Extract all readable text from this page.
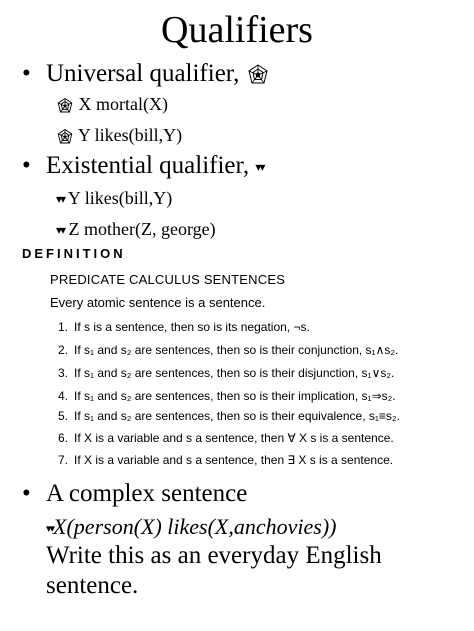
Qualifiers
• Universal qualifier,
X mortal(X)
Y likes(bill,Y)
• Existential qualifier, ▾▾
▾▾ Y likes(bill,Y)
▾▾ Z mother(Z, george)
DEFINITION
PREDICATE CALCULUS SENTENCES
Every atomic sentence is a sentence.
1. If s is a sentence, then so is its negation, ¬s.
2. If s₁ and s₂ are sentences, then so is their conjunction, s₁∧s₂.
3. If s₁ and s₂ are sentences, then so is their disjunction, s₁∨s₂.
4. If s₁ and s₂ are sentences, then so is their implication, s₁⇒s₂.
5. If s₁ and s₂ are sentences, then so is their equivalence, s₁≡s₂.
6. If X is a variable and s a sentence, then ∀ X s is a sentence.
7. If X is a variable and s a sentence, then ∃ X s is a sentence.
• A complex sentence
▾▾X(person(X) likes(X,anchovies))
Write this as an everyday English
sentence.
